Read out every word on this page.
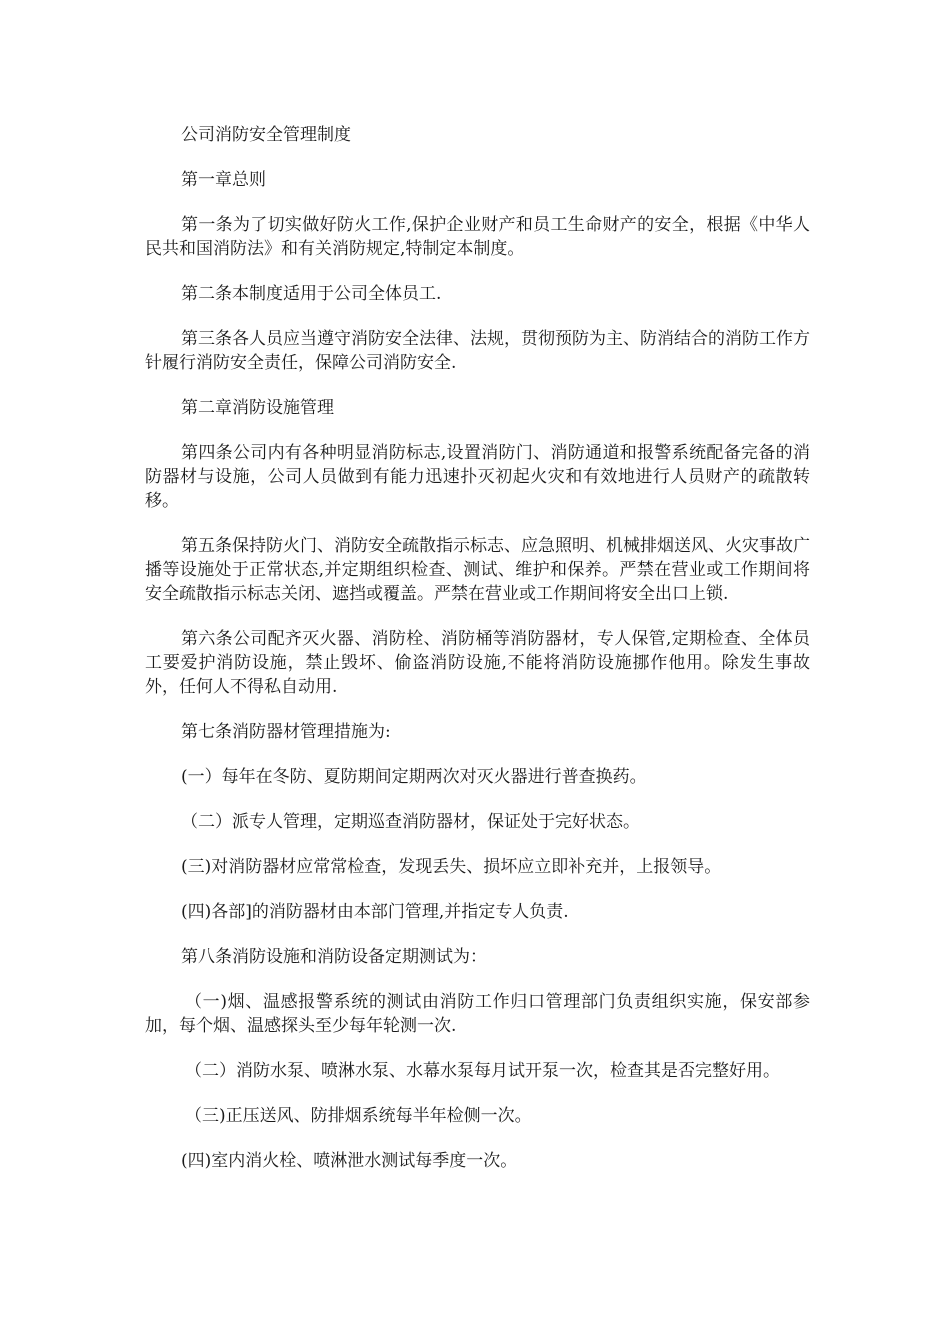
公司消防安全管理制度

第一章总则

第一条为了切实做好防火工作,保护企业财产和员工生命财产的安全，根据《中华人民共和国消防法》和有关消防规定,特制定本制度。

第二条本制度适用于公司全体员工.

第三条各人员应当遵守消防安全法律、法规，贯彻预防为主、防消结合的消防工作方针履行消防安全责任，保障公司消防安全.

第二章消防设施管理

第四条公司内有各种明显消防标志,设置消防门、消防通道和报警系统配备完备的消防器材与设施，公司人员做到有能力迅速扑灭初起火灾和有效地进行人员财产的疏散转移。

第五条保持防火门、消防安全疏散指示标志、应急照明、机械排烟送风、火灾事故广播等设施处于正常状态,并定期组织检查、测试、维护和保养。严禁在营业或工作期间将安全疏散指示标志关闭、遮挡或覆盖。严禁在营业或工作期间将安全出口上锁.

第六条公司配齐灭火器、消防栓、消防桶等消防器材，专人保管,定期检查、全体员工要爱护消防设施，禁止毁坏、偷盗消防设施,不能将消防设施挪作他用。除发生事故外，任何人不得私自动用.

第七条消防器材管理措施为:

(一）每年在冬防、夏防期间定期两次对灭火器进行普查换药。

（二）派专人管理，定期巡查消防器材，保证处于完好状态。

(三)对消防器材应常常检查，发现丢失、损坏应立即补充并，上报领导。

(四)各部]的消防器材由本部门管理,并指定专人负责.

第八条消防设施和消防设备定期测试为：

（一)烟、温感报警系统的测试由消防工作归口管理部门负责组织实施，保安部参加，每个烟、温感探头至少每年轮测一次.

（二）消防水泵、喷淋水泵、水幕水泵每月试开泵一次，检查其是否完整好用。

（三)正压送风、防排烟系统每半年检侧一次。

(四)室内消火栓、喷淋泄水测试每季度一次。
